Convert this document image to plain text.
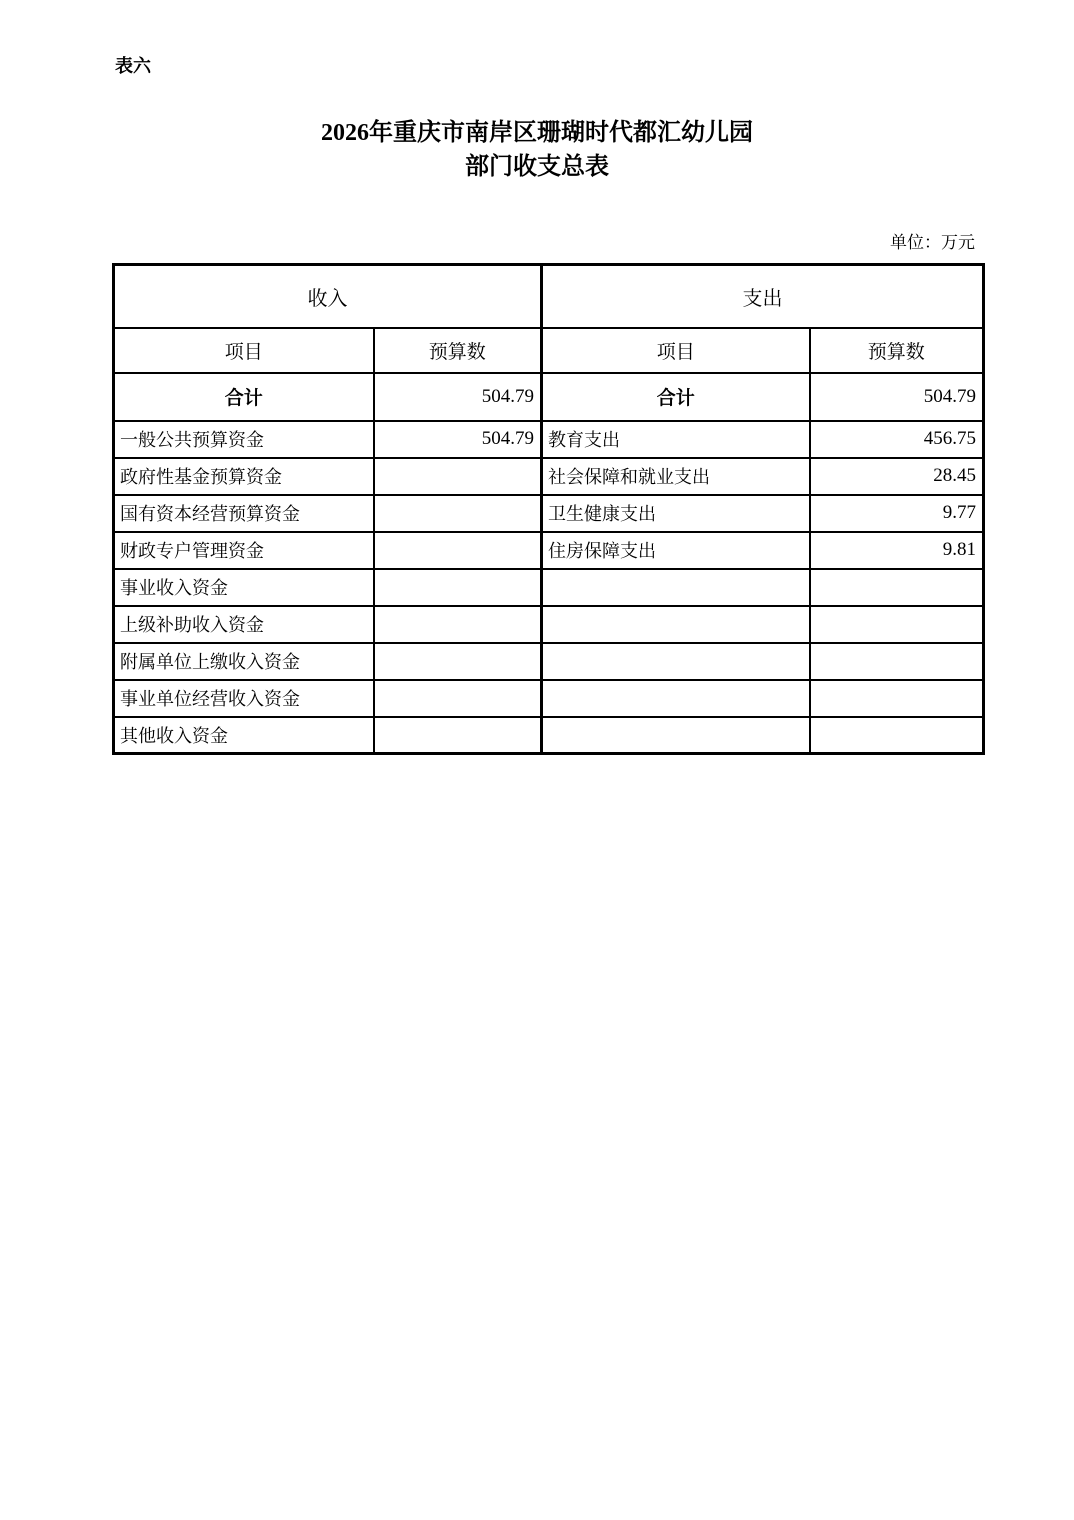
表六
2026年重庆市南岸区珊瑚时代都汇幼儿园
部门收支总表
单位：万元
收入		支出	
项目	预算数	项目	预算数
合计	504.79	合计	504.79
一般公共预算资金	504.79	教育支出	456.75
政府性基金预算资金		社会保障和就业支出	28.45
国有资本经营预算资金		卫生健康支出	9.77
财政专户管理资金		住房保障支出	9.81
事业收入资金			
上级补助收入资金			
附属单位上缴收入资金			
事业单位经营收入资金			
其他收入资金			
